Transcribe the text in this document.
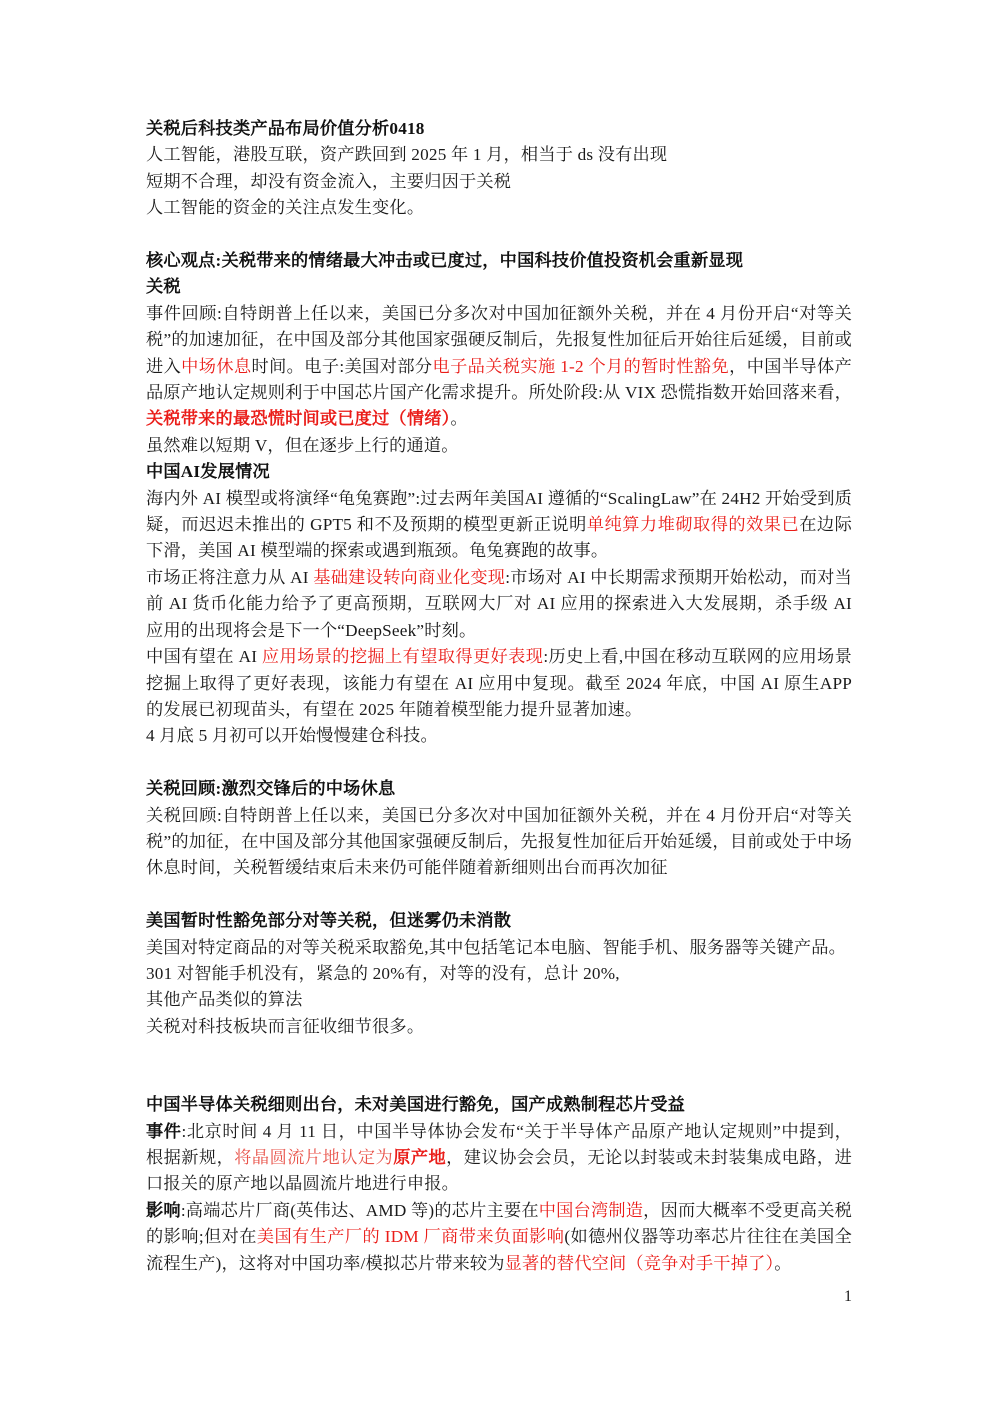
关税后科技类产品布局价值分析0418
人工智能，港股互联，资产跌回到 2025 年 1 月，相当于 ds 没有出现
短期不合理，却没有资金流入，主要归因于关税
人工智能的资金的关注点发生变化。
核心观点:关税带来的情绪最大冲击或已度过，中国科技价值投资机会重新显现
关税
事件回顾:自特朗普上任以来，美国已分多次对中国加征额外关税，并在 4 月份开启“对等关税”的加速加征，在中国及部分其他国家强硬反制后，先报复性加征后开始往后延缓，目前或进入中场休息时间。电子:美国对部分电子品关税实施 1-2 个月的暂时性豁免，中国半导体产品原产地认定规则利于中国芯片国产化需求提升。所处阶段:从 VIX 恐慌指数开始回落来看，关税带来的最恐慌时间或已度过（情绪）。
虽然难以短期 V，但在逐步上行的通道。
中国AI发展情况
海内外 AI 模型或将演绎“龟兔赛跑”:过去两年美国AI 遵循的“ScalingLaw”在 24H2 开始受到质疑，而迟迟未推出的 GPT5 和不及预期的模型更新正说明单纯算力堆砌取得的效果已在边际下滑，美国 AI 模型端的探索或遇到瓶颈。龟兔赛跑的故事。
市场正将注意力从 AI 基础建设转向商业化变现:市场对 AI 中长期需求预期开始松动，而对当前 AI 货币化能力给予了更高预期，互联网大厂对 AI 应用的探索进入大发展期，杀手级 AI 应用的出现将会是下一个“DeepSeek”时刻。
中国有望在 AI 应用场景的挖掘上有望取得更好表现:历史上看,中国在移动互联网的应用场景挖掘上取得了更好表现，该能力有望在 AI 应用中复现。截至 2024 年底，中国 AI 原生APP 的发展已初现苗头，有望在 2025 年随着模型能力提升显著加速。
4 月底 5 月初可以开始慢慢建仓科技。
关税回顾:激烈交锋后的中场休息
关税回顾:自特朗普上任以来，美国已分多次对中国加征额外关税，并在 4 月份开启“对等关税”的加征，在中国及部分其他国家强硬反制后，先报复性加征后开始延缓，目前或处于中场休息时间，关税暂缓结束后未来仍可能伴随着新细则出台而再次加征
美国暂时性豁免部分对等关税，但迷雾仍未消散
美国对特定商品的对等关税采取豁免,其中包括笔记本电脑、智能手机、服务器等关键产品。
301 对智能手机没有，紧急的 20%有，对等的没有，总计 20%,
其他产品类似的算法
关税对科技板块而言征收细节很多。
中国半导体关税细则出台，未对美国进行豁免，国产成熟制程芯片受益
事件:北京时间 4 月 11 日，中国半导体协会发布“关于半导体产品原产地认定规则”中提到，根据新规，将晶圆流片地认定为原产地，建议协会会员，无论以封装或未封装集成电路，进口报关的原产地以晶圆流片地进行申报。
影响:高端芯片厂商(英伟达、AMD 等)的芯片主要在中国台湾制造，因而大概率不受更高关税的影响;但对在美国有生产厂的 IDM 厂商带来负面影响(如德州仪器等功率芯片往往在美国全流程生产)，这将对中国功率/模拟芯片带来较为显著的替代空间（竞争对手干掉了）。
1
